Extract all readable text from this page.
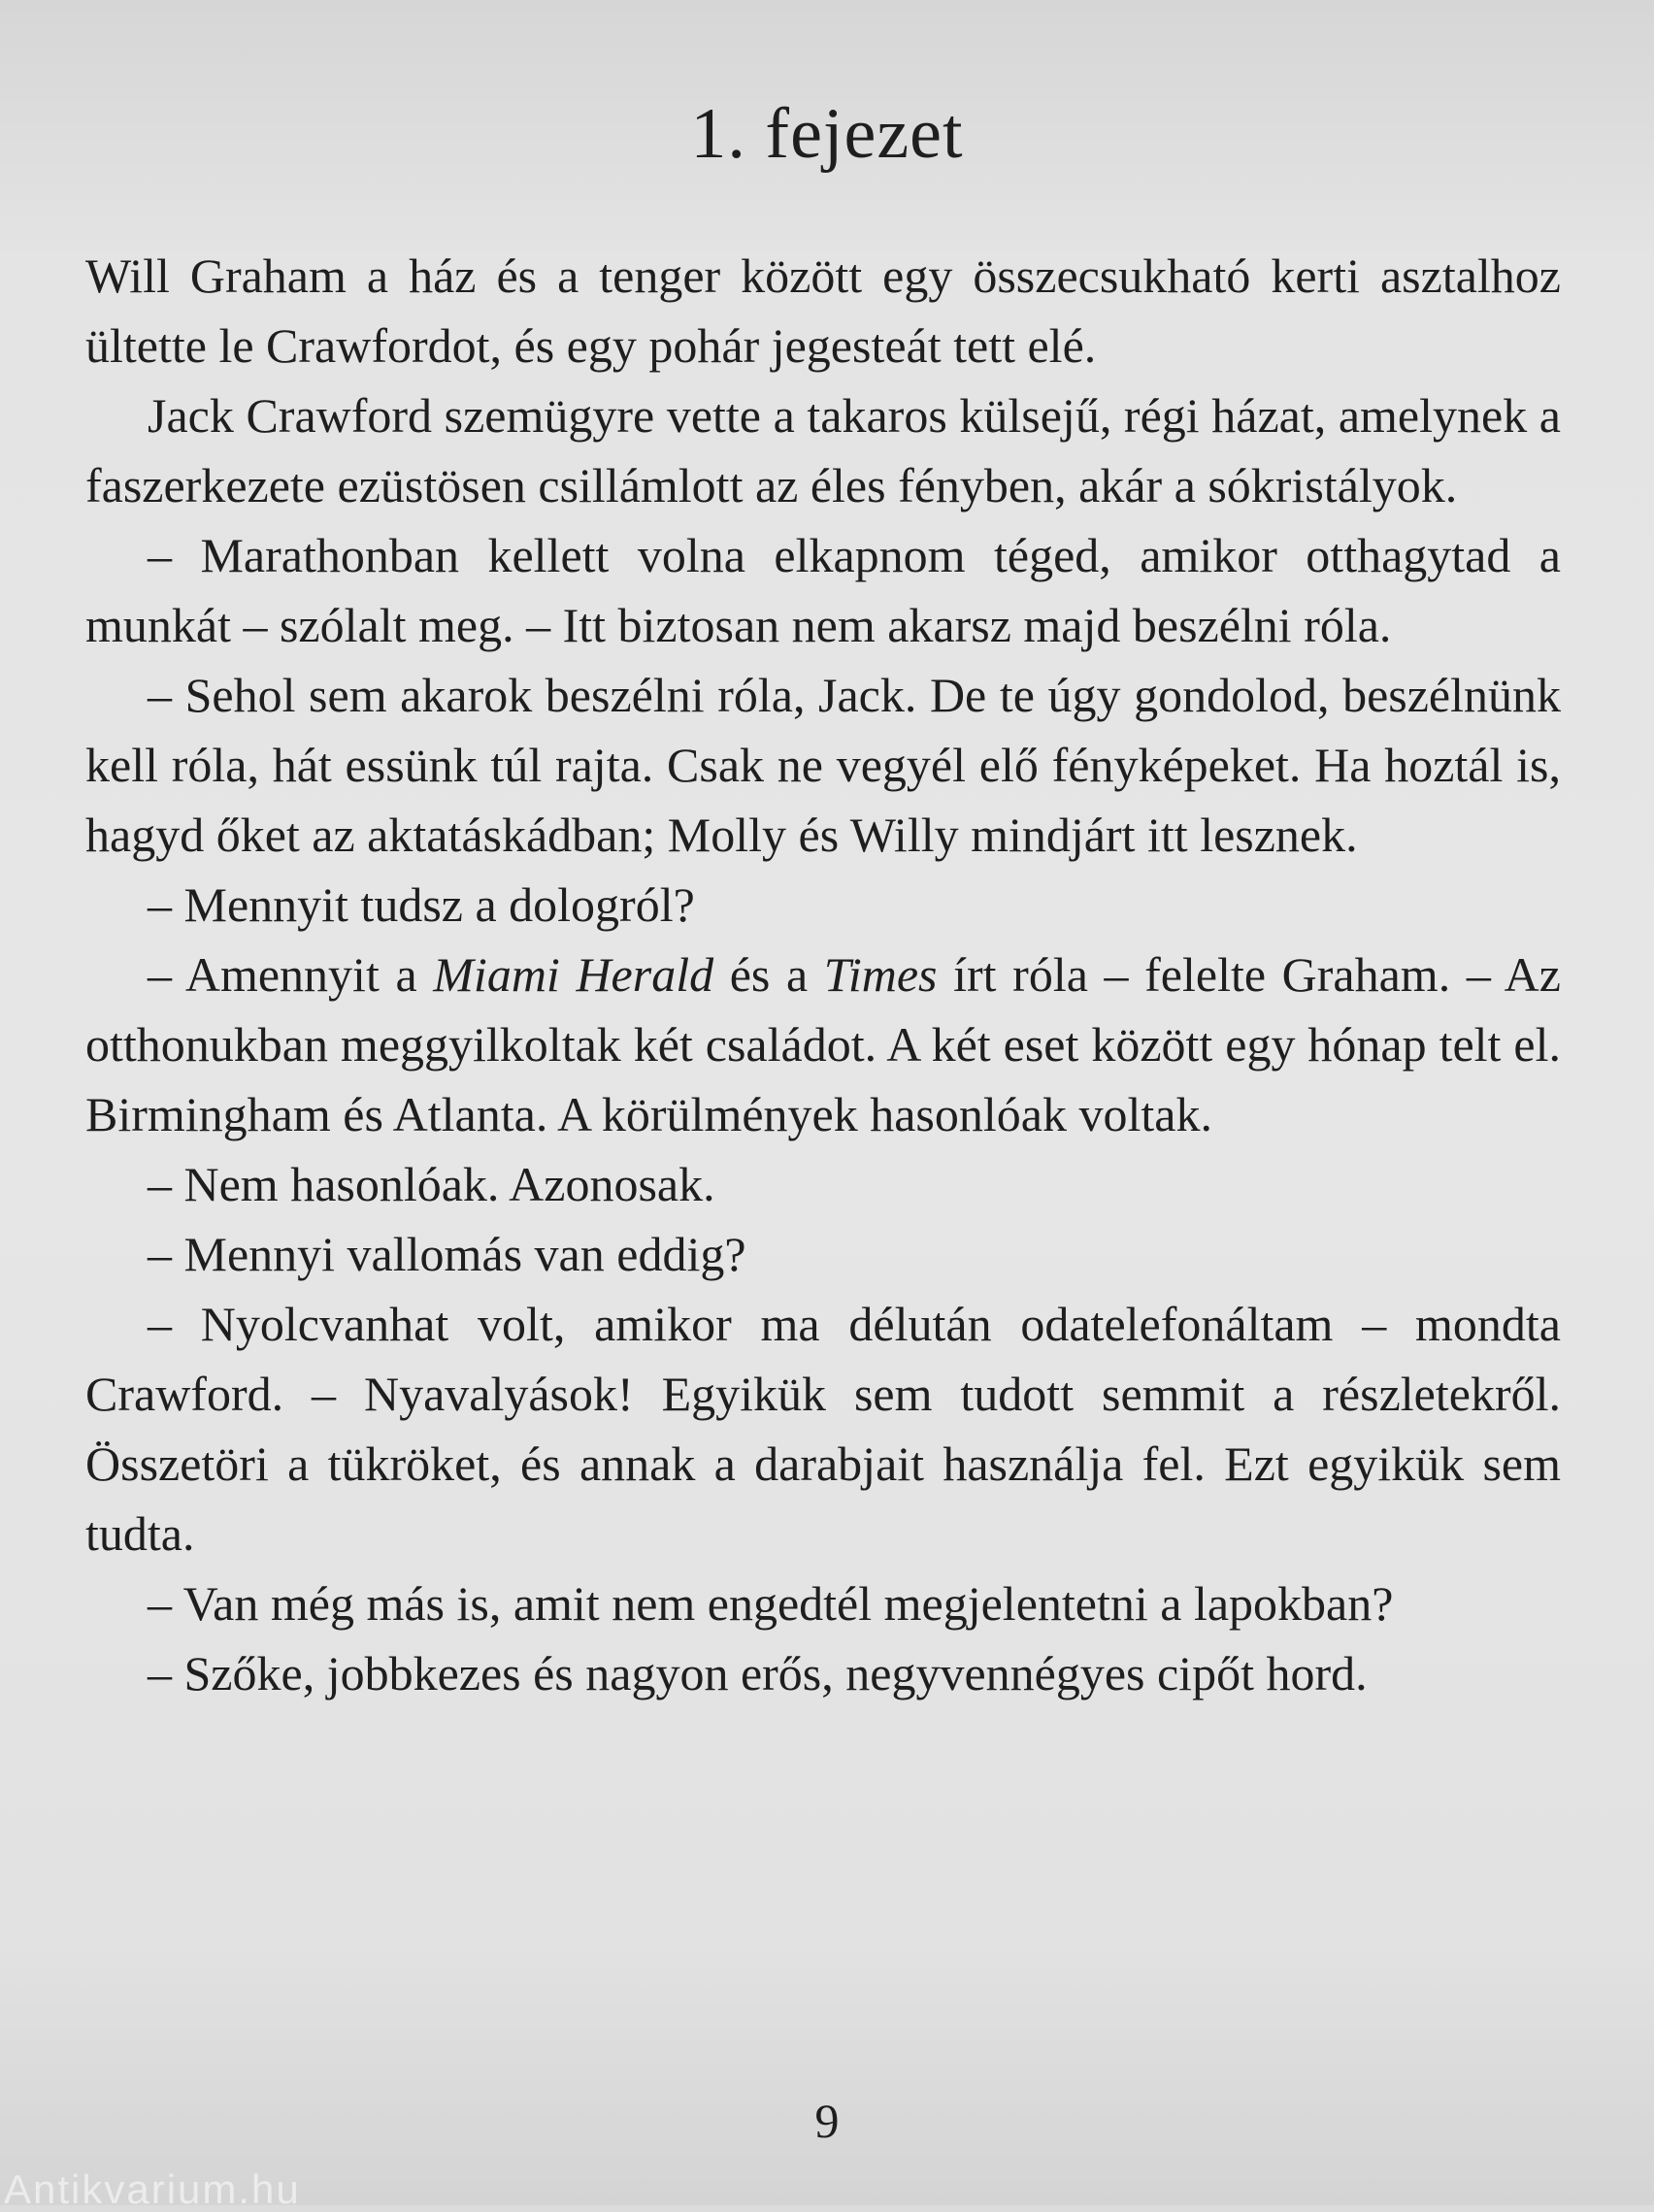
1. fejezet

Will Graham a ház és a tenger között egy összecsukható kerti asztalhoz ültette le Crawfordot, és egy pohár jegesteát tett elé.

Jack Crawford szemügyre vette a takaros külsejű, régi házat, amelynek a faszerkezete ezüstösen csillámlott az éles fényben, akár a sókristályok.

– Marathonban kellett volna elkapnom téged, amikor otthagytad a munkát – szólalt meg. – Itt biztosan nem akarsz majd beszélni róla.

– Sehol sem akarok beszélni róla, Jack. De te úgy gondolod, beszélnünk kell róla, hát essünk túl rajta. Csak ne vegyél elő fényképeket. Ha hoztál is, hagyd őket az aktatáskádban; Molly és Willy mindjárt itt lesznek.

– Mennyit tudsz a dologról?

– Amennyit a Miami Herald és a Times írt róla – felelte Graham. – Az otthonukban meggyilkoltak két családot. A két eset között egy hónap telt el. Birmingham és Atlanta. A körülmények hasonlóak voltak.

– Nem hasonlóak. Azonosak.

– Mennyi vallomás van eddig?

– Nyolcvanhat volt, amikor ma délután odatelefonáltam – mondta Crawford. – Nyavalyások! Egyikük sem tudott semmit a részletekről. Összetöri a tükröket, és annak a darabjait használja fel. Ezt egyikük sem tudta.

– Van még más is, amit nem engedtél megjelentetni a lapokban?

– Szőke, jobbkezes és nagyon erős, negyvennégyes cipőt hord.

9
Antikvarium.hu
